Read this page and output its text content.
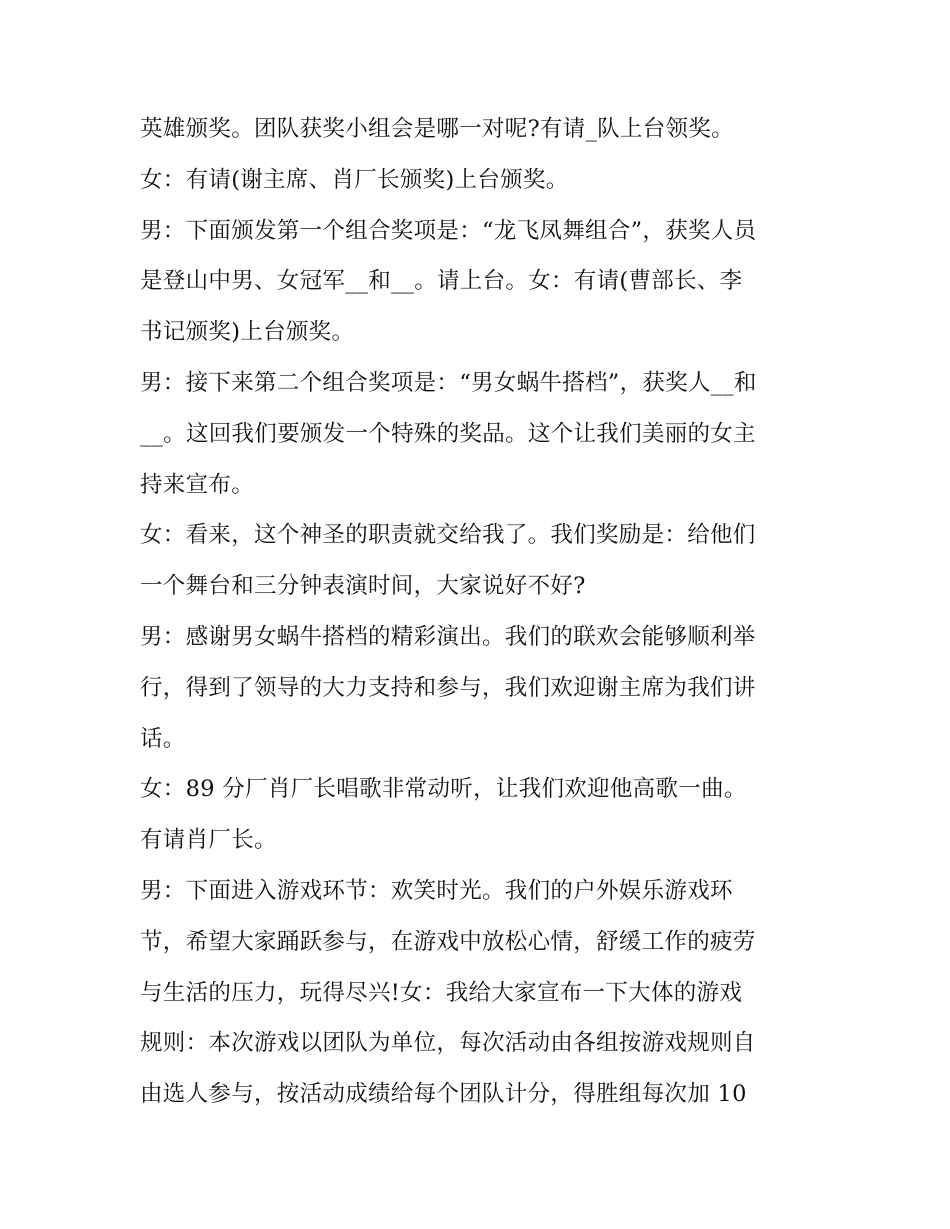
英雄颁奖。团队获奖小组会是哪一对呢?有请_队上台领奖。
女：有请(谢主席、肖厂长颁奖)上台颁奖。
男：下面颁发第一个组合奖项是：“龙飞凤舞组合”，获奖人员
是登山中男、女冠军__和__。请上台。女：有请(曹部长、李
书记颁奖)上台颁奖。
男：接下来第二个组合奖项是：“男女蜗牛搭档”，获奖人__和
__。这回我们要颁发一个特殊的奖品。这个让我们美丽的女主
持来宣布。
女：看来，这个神圣的职责就交给我了。我们奖励是：给他们
一个舞台和三分钟表演时间，大家说好不好?
男：感谢男女蜗牛搭档的精彩演出。我们的联欢会能够顺利举
行，得到了领导的大力支持和参与，我们欢迎谢主席为我们讲
话。
女：89 分厂肖厂长唱歌非常动听，让我们欢迎他高歌一曲。
有请肖厂长。
男：下面进入游戏环节：欢笑时光。我们的户外娱乐游戏环
节，希望大家踊跃参与，在游戏中放松心情，舒缓工作的疲劳
与生活的压力，玩得尽兴!女：我给大家宣布一下大体的游戏
规则：本次游戏以团队为单位，每次活动由各组按游戏规则自
由选人参与，按活动成绩给每个团队计分，得胜组每次加 10
